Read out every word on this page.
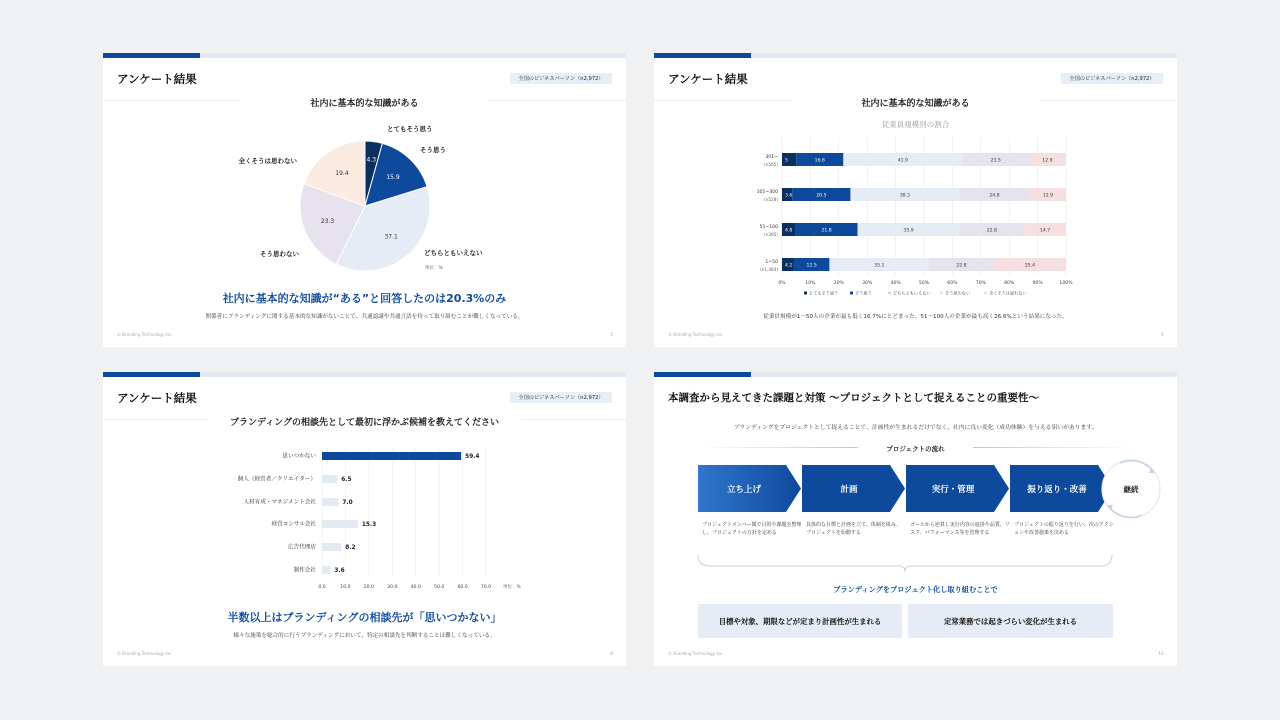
アンケート結果	全国のビジネスパーソン（n2,972）
社内に基本的な知識がある
4.3
とてもそう思う
15.9
そう思う
37.1
どちらともいえない
23.3
そう思わない
19.4
全くそうは思わない
単位：%
社内に基本的な知識が“ある”と回答したのは20.3%のみ
関係者にブランディングに関する基本的な知識がないことで、共通認識や共通言語を持って取り組むことが難しくなっている。
© Branding Technology Inc.	5
アンケート結果	全国のビジネスパーソン（n2,972）
社内に基本的な知識がある
従業員規模別の割合
0%	10%	20%	30%	40%	50%	60%	70%	80%	90%	100%
301~
(n565)
5	16.6	41.9	23.5	12.9
101~300
(n528)
3.6	20.5	38.3	24.8	12.9
51~100
(n395)
4.8	21.8	35.9	22.8	14.7
1~50
(n1,484)
4.2	12.5	35.1	22.8	25.4
とてもそう思う	そう思う	どちらともいえない	そう思わない	全くそうは思わない
従業員規模が1〜50人の企業が最も低く16.7%にとどまった。51〜100人の企業が最も高く26.6%という結果になった。
© Branding Technology Inc.	6
アンケート結果	全国のビジネスパーソン（n2,972）
ブランディングの相談先として最初に浮かぶ候補を教えてください
0.0	10.0	20.0	30.0	40.0	50.0	60.0	70.0
思いつかない	59.4
個人（経営者／クリエイター）	6.5
人材育成・マネジメント会社	7.0
経営コンサル会社	15.3
広告代理店	8.2
制作会社	3.6
単位：%
半数以上はブランディングの相談先が「思いつかない」
様々な施策を総合的に行うブランディングにおいて、特定の相談先を判断することは難しくなっている。
© Branding Technology Inc.	8
本調査から見えてきた課題と対策 〜プロジェクトとして捉えることの重要性〜
ブランディングをプロジェクトとして捉えることで、計画性が生まれるだけでなく、社内に良い変化（成功体験）を与える狙いがあります。
プロジェクトの流れ
立ち上げ	計画	実行・管理	振り返り・改善	継続
プロジェクトメンバー間で目的や課題を整理し、プロジェクトの方針を定める
具体的な目標と計画を立て、体制を組み、プロジェクトを始動する
ゴールから逆算し実行内容の進捗や品質、リスク、パフォーマンス等を管理する
プロジェクトの振り返りを行い、次のアクションや改善施策を決める
ブランディングをプロジェクト化し取り組むことで
目標や対象、期限などが定まり計画性が生まれる	定常業務では起きづらい変化が生まれる
© Branding Technology Inc.	16
